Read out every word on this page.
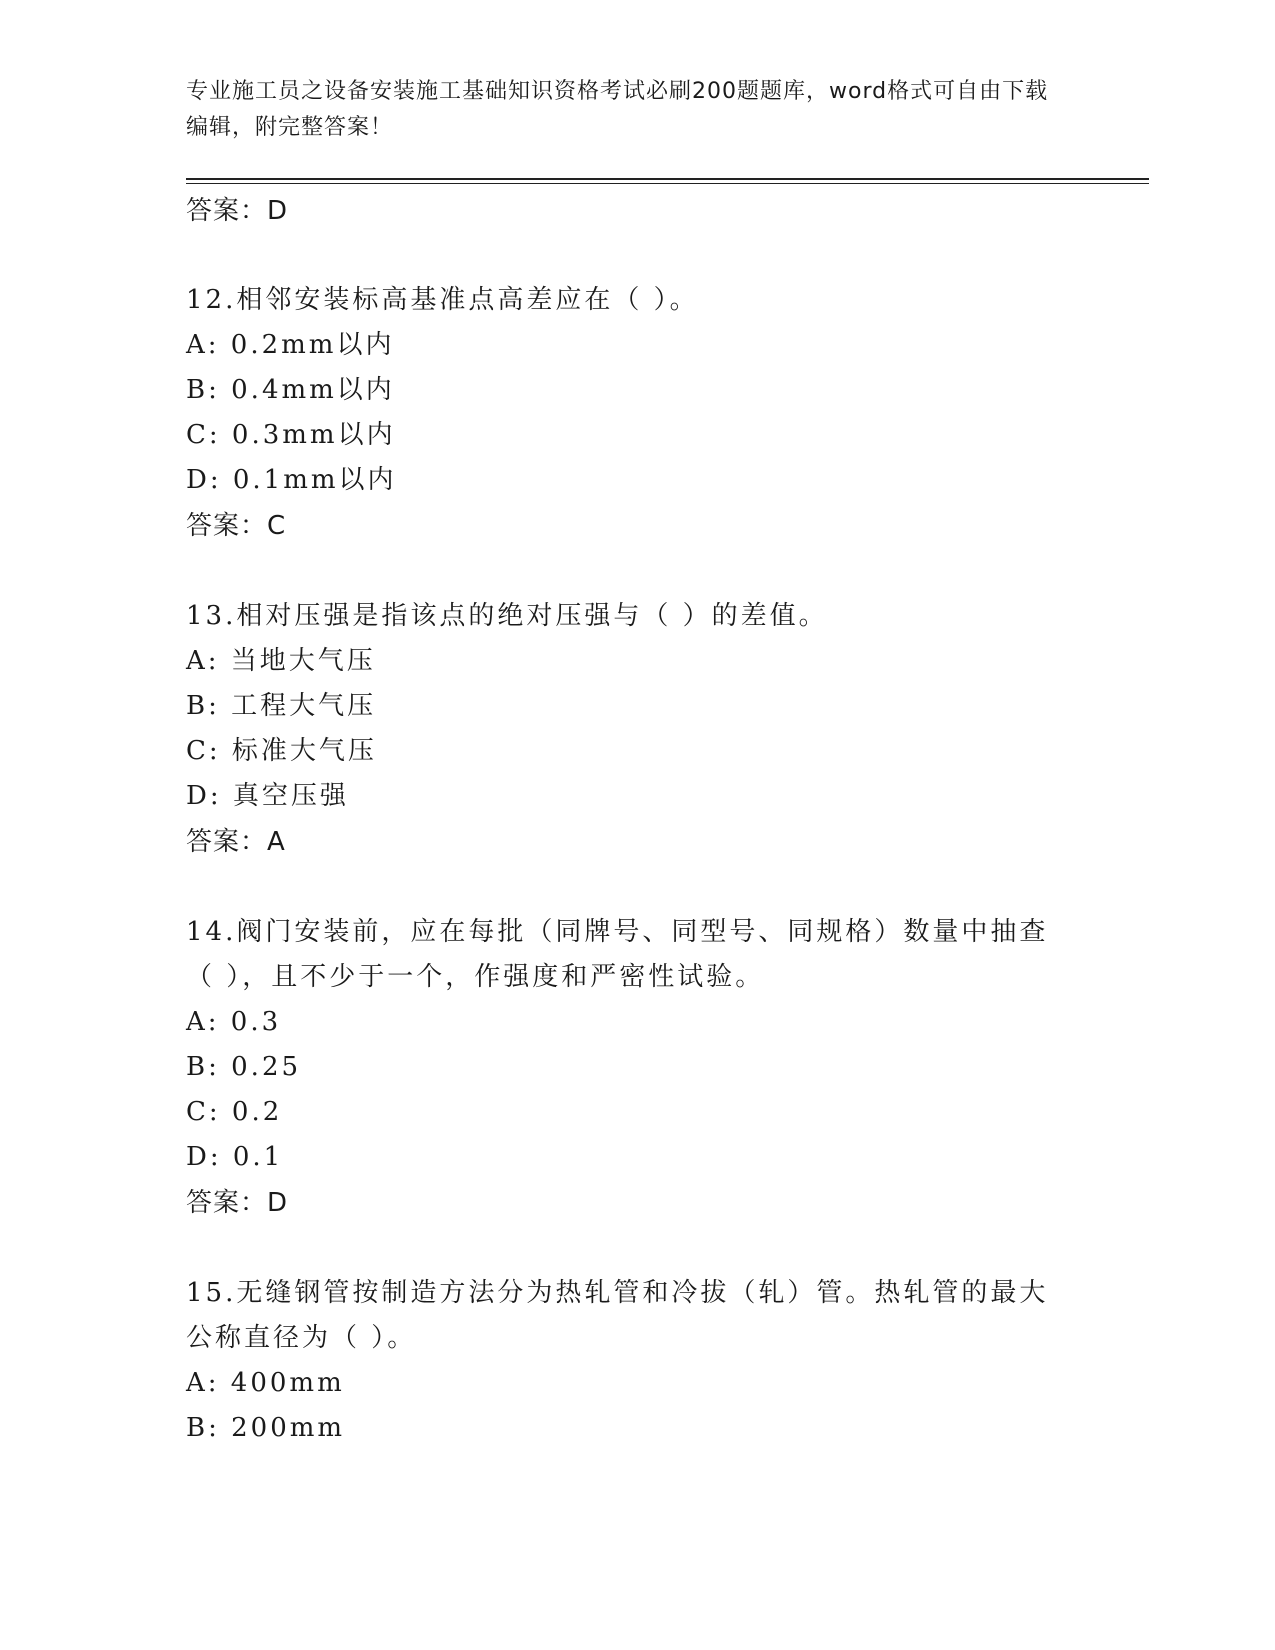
专业施工员之设备安装施工基础知识资格考试必刷200题题库，word格式可自由下载编辑，附完整答案！
答案：D
12.相邻安装标高基准点高差应在（ ）。
A: 0.2mm以内
B: 0.4mm以内
C: 0.3mm以内
D: 0.1mm以内
答案：C
13.相对压强是指该点的绝对压强与（ ）的差值。
A: 当地大气压
B: 工程大气压
C: 标准大气压
D: 真空压强
答案：A
14.阀门安装前，应在每批（同牌号、同型号、同规格）数量中抽查（ ），且不少于一个，作强度和严密性试验。
A: 0.3
B: 0.25
C: 0.2
D: 0.1
答案：D
15.无缝钢管按制造方法分为热轧管和冷拔（轧）管。热轧管的最大公称直径为（ ）。
A: 400mm
B: 200mm
